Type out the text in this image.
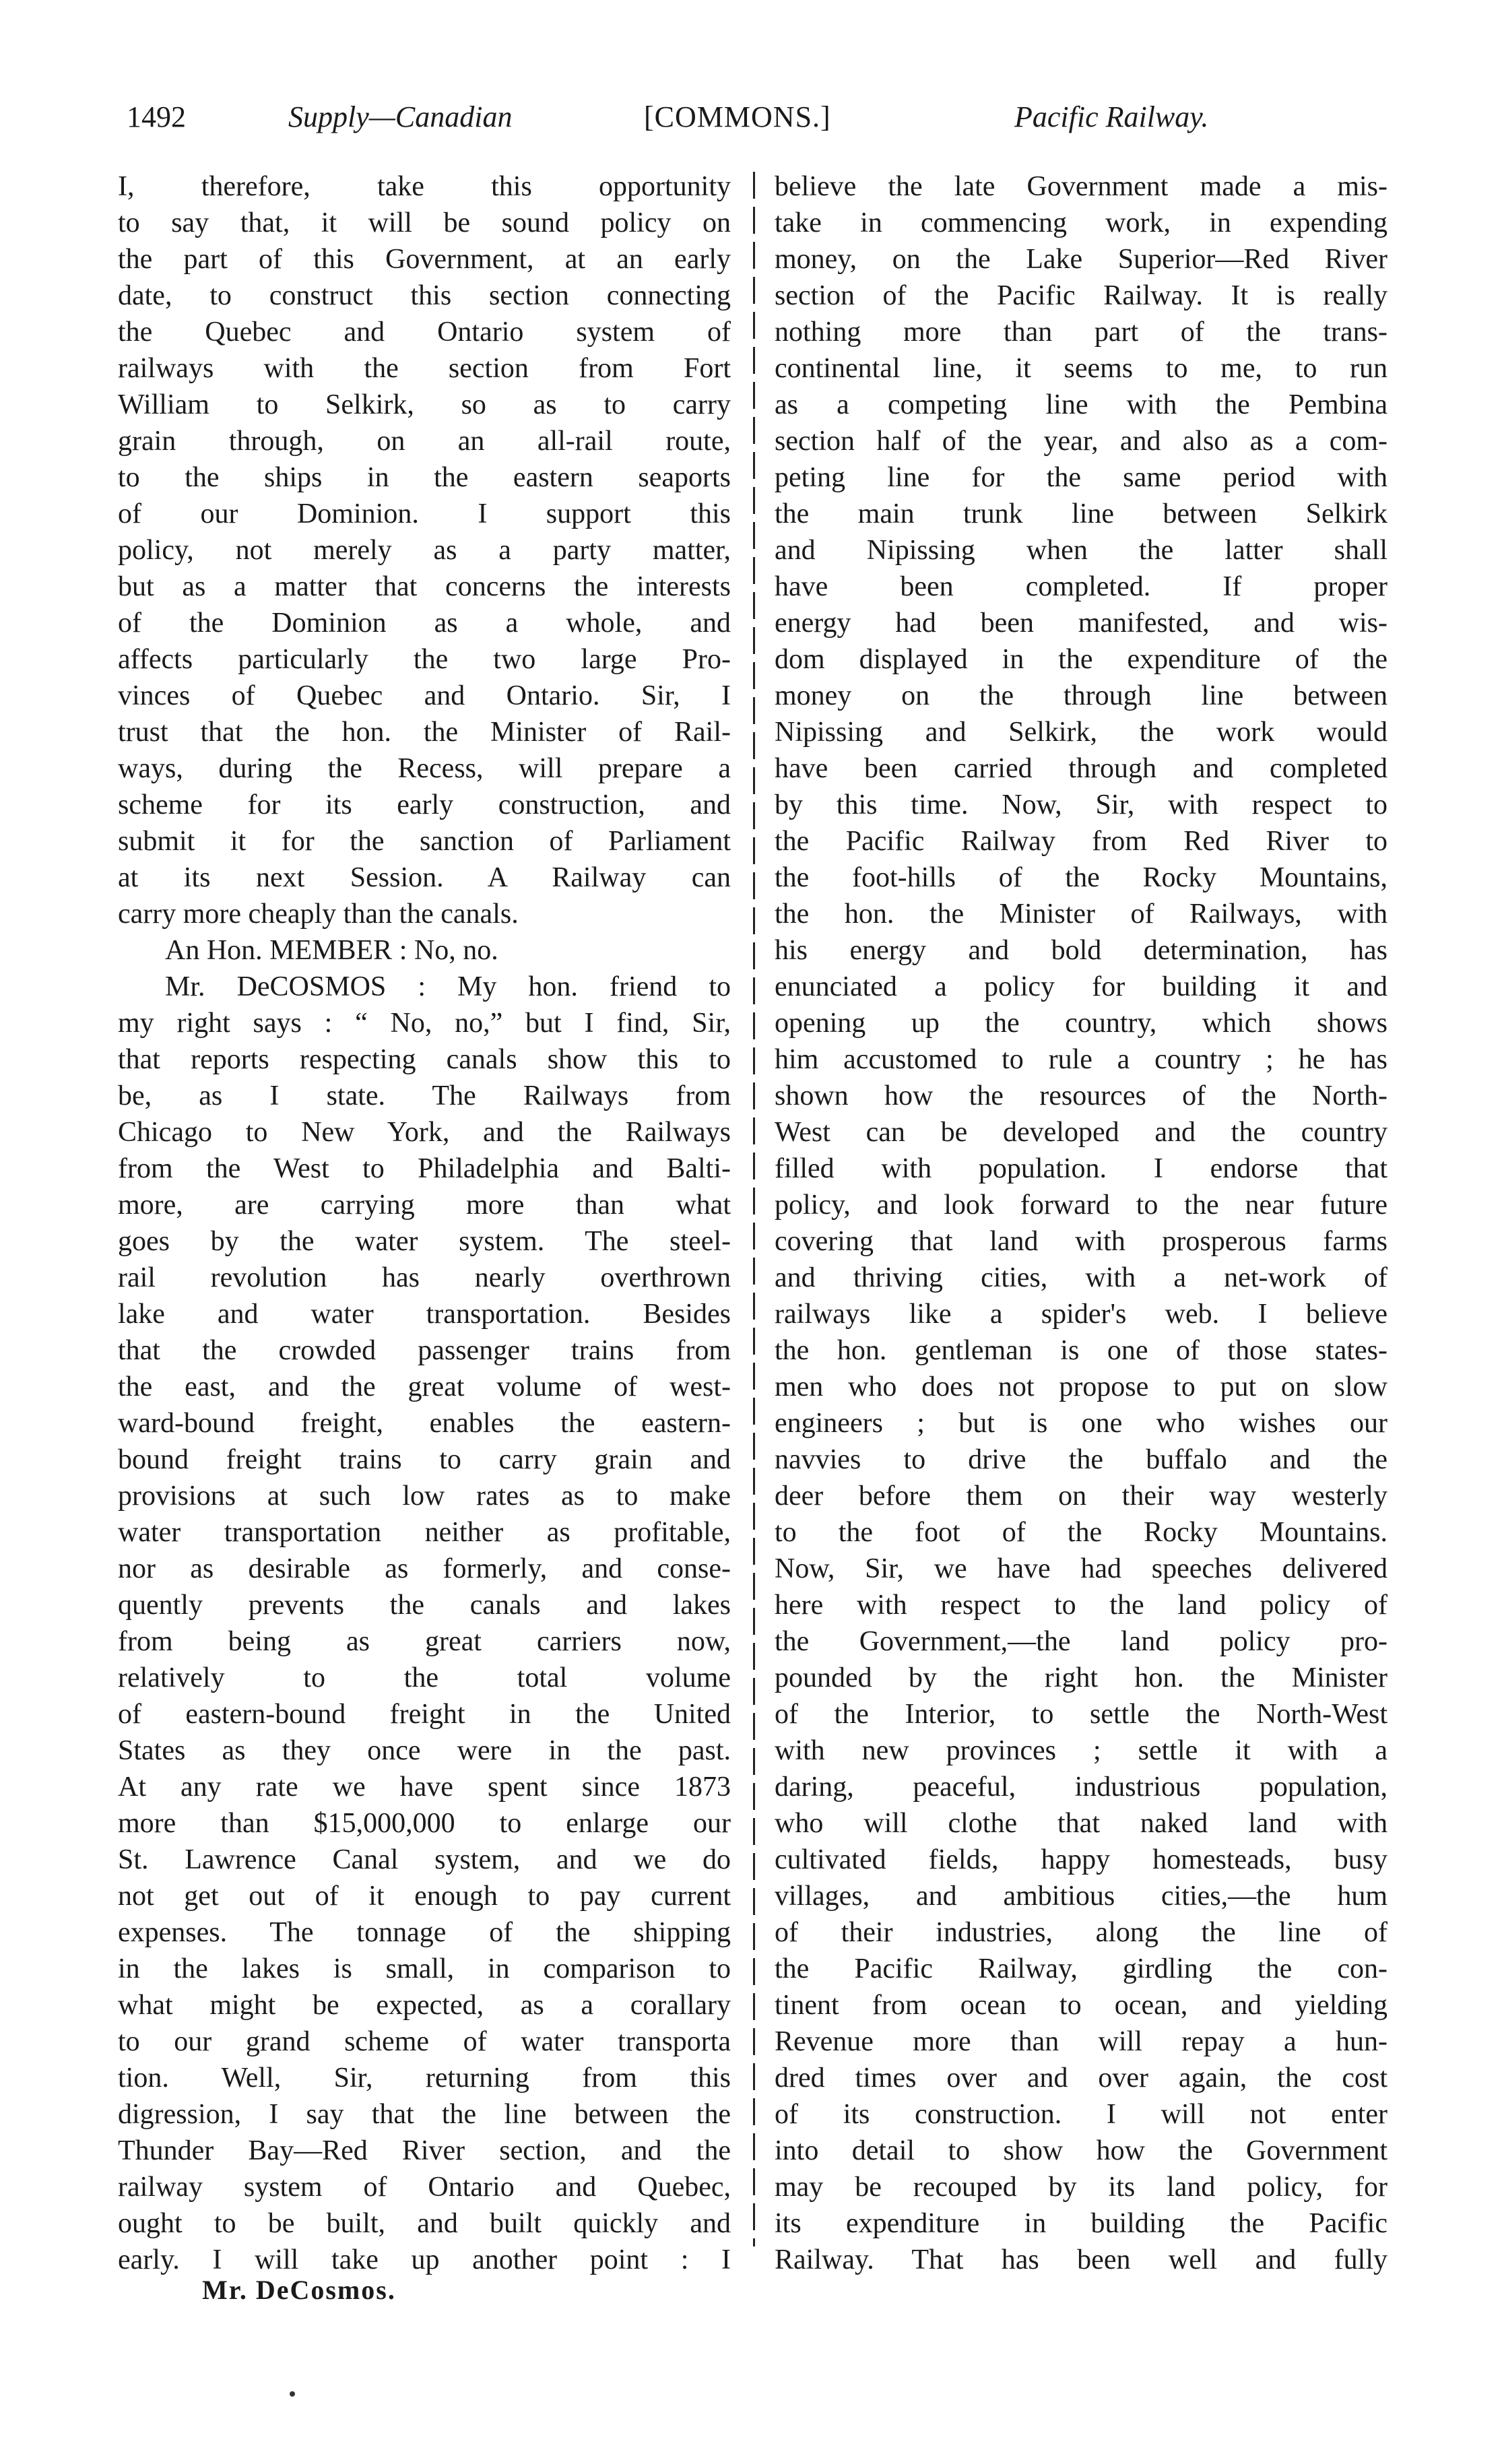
1492	Supply—Canadian	[COMMONS.]	Pacific Railway.
I, therefore, take this opportunity
to say that, it will be sound policy on
the part of this Government, at an early
date, to construct this section connecting
the Quebec and Ontario system of
railways with the section from Fort
William to Selkirk, so as to carry
grain through, on an all-rail route,
to the ships in the eastern seaports
of our Dominion. I support this
policy, not merely as a party matter,
but as a matter that concerns the interests
of the Dominion as a whole, and
affects particularly the two large Pro-
vinces of Quebec and Ontario. Sir, I
trust that the hon. the Minister of Rail-
ways, during the Recess, will prepare a
scheme for its early construction, and
submit it for the sanction of Parliament
at its next Session. A Railway can
carry more cheaply than the canals.
An Hon. MEMBER : No, no.
Mr. DeCOSMOS : My hon. friend to
my right says : “ No, no,” but I find, Sir,
that reports respecting canals show this to
be, as I state. The Railways from
Chicago to New York, and the Railways
from the West to Philadelphia and Balti-
more, are carrying more than what
goes by the water system. The steel-
rail revolution has nearly overthrown
lake and water transportation. Besides
that the crowded passenger trains from
the east, and the great volume of west-
ward-bound freight, enables the eastern-
bound freight trains to carry grain and
provisions at such low rates as to make
water transportation neither as profitable,
nor as desirable as formerly, and conse-
quently prevents the canals and lakes
from being as great carriers now,
relatively to the total volume
of eastern-bound freight in the United
States as they once were in the past.
At any rate we have spent since 1873
more than $15,000,000 to enlarge our
St. Lawrence Canal system, and we do
not get out of it enough to pay current
expenses. The tonnage of the shipping
in the lakes is small, in comparison to
what might be expected, as a corallary
to our grand scheme of water transporta
tion. Well, Sir, returning from this
digression, I say that the line between the
Thunder Bay—Red River section, and the
railway system of Ontario and Quebec,
ought to be built, and built quickly and
early. I will take up another point : I
believe the late Government made a mis-
take in commencing work, in expending
money, on the Lake Superior—Red River
section of the Pacific Railway. It is really
nothing more than part of the trans-
continental line, it seems to me, to run
as a competing line with the Pembina
section half of the year, and also as a com-
peting line for the same period with
the main trunk line between Selkirk
and Nipissing when the latter shall
have been completed. If proper
energy had been manifested, and wis-
dom displayed in the expenditure of the
money on the through line between
Nipissing and Selkirk, the work would
have been carried through and completed
by this time. Now, Sir, with respect to
the Pacific Railway from Red River to
the foot-hills of the Rocky Mountains,
the hon. the Minister of Railways, with
his energy and bold determination, has
enunciated a policy for building it and
opening up the country, which shows
him accustomed to rule a country ; he has
shown how the resources of the North-
West can be developed and the country
filled with population. I endorse that
policy, and look forward to the near future
covering that land with prosperous farms
and thriving cities, with a net-work of
railways like a spider's web. I believe
the hon. gentleman is one of those states-
men who does not propose to put on slow
engineers ; but is one who wishes our
navvies to drive the buffalo and the
deer before them on their way westerly
to the foot of the Rocky Mountains.
Now, Sir, we have had speeches delivered
here with respect to the land policy of
the Government,—the land policy pro-
pounded by the right hon. the Minister
of the Interior, to settle the North-West
with new provinces ; settle it with a
daring, peaceful, industrious population,
who will clothe that naked land with
cultivated fields, happy homesteads, busy
villages, and ambitious cities,—the hum
of their industries, along the line of
the Pacific Railway, girdling the con-
tinent from ocean to ocean, and yielding
Revenue more than will repay a hun-
dred times over and over again, the cost
of its construction. I will not enter
into detail to show how the Government
may be recouped by its land policy, for
its expenditure in building the Pacific
Railway. That has been well and fully
Mr. DeCosmos.
